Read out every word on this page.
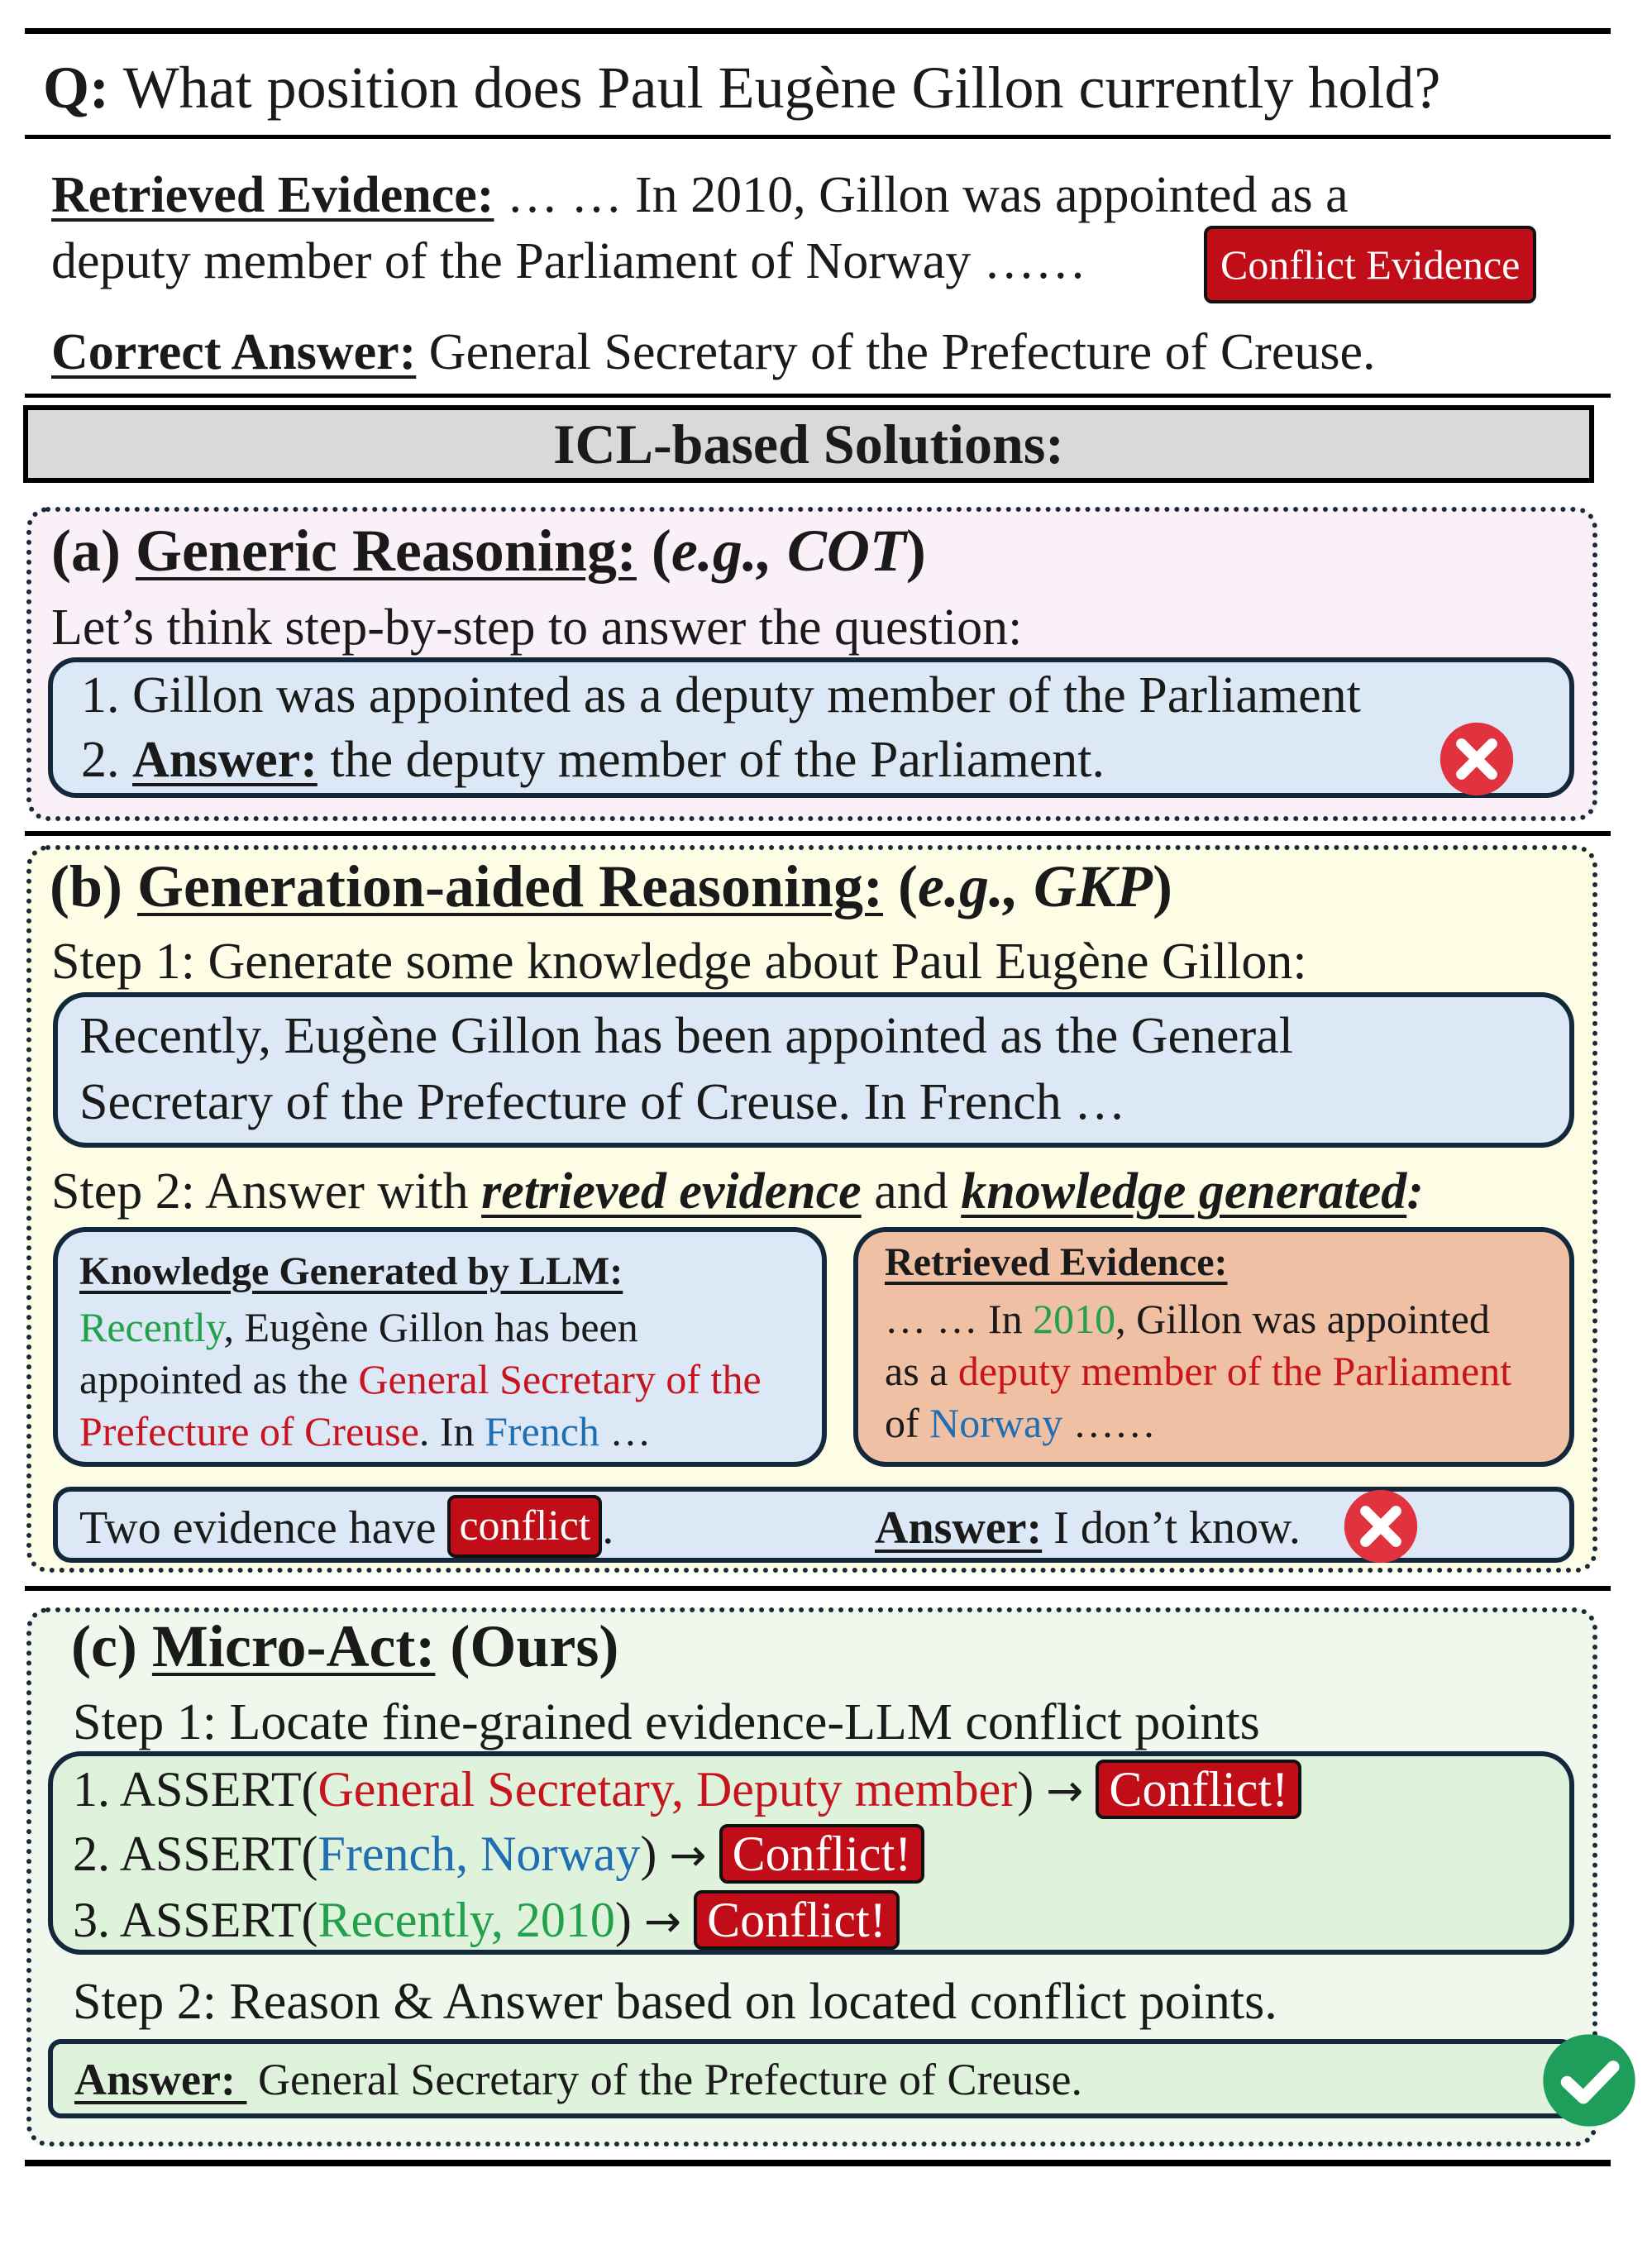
Q: What position does Paul Eugène Gillon currently hold?
Retrieved Evidence: … … In 2010, Gillon was appointed as a
deputy member of the Parliament of Norway ……	Conflict Evidence
Correct Answer: General Secretary of the Prefecture of Creuse.
ICL-based Solutions:
(a) Generic Reasoning: (e.g., COT)
Let’s think step-by-step to answer the question:
1. Gillon was appointed as a deputy member of the Parliament
2. Answer: the deputy member of the Parliament.
(b) Generation-aided Reasoning: (e.g., GKP)
Step 1: Generate some knowledge about Paul Eugène Gillon:
Recently, Eugène Gillon has been appointed as the General
Secretary of the Prefecture of Creuse. In French …
Step 2: Answer with retrieved evidence and knowledge generated:
Knowledge Generated by LLM:
Recently, Eugène Gillon has been
appointed as the General Secretary of the
Prefecture of Creuse. In French …
Retrieved Evidence:
… … In 2010, Gillon was appointed
as a deputy member of the Parliament
of Norway ……
Two evidence have conflict .	Answer: I don’t know.
(c) Micro-Act: (Ours)
Step 1: Locate fine-grained evidence-LLM conflict points
1. ASSERT(General Secretary, Deputy member) → Conflict!
2. ASSERT(French, Norway) → Conflict!
3. ASSERT(Recently, 2010) → Conflict!
Step 2: Reason & Answer based on located conflict points.
Answer:  General Secretary of the Prefecture of Creuse.
